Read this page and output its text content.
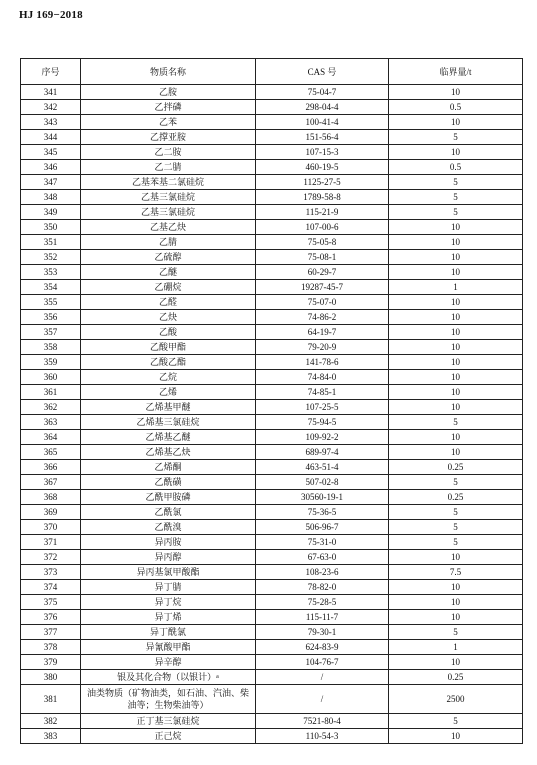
HJ 169−2018
序号	物质名称	CAS 号	临界量/t
341	乙胺	75-04-7	10
342	乙拌磷	298-04-4	0.5
343	乙苯	100-41-4	10
344	乙撑亚胺	151-56-4	5
345	乙二胺	107-15-3	10
346	乙二腈	460-19-5	0.5
347	乙基苯基二氯硅烷	1125-27-5	5
348	乙基三氯硅烷	1789-58-8	5
349	乙基三氯硅烷	115-21-9	5
350	乙基乙炔	107-00-6	10
351	乙腈	75-05-8	10
352	乙硫醇	75-08-1	10
353	乙醚	60-29-7	10
354	乙硼烷	19287-45-7	1
355	乙醛	75-07-0	10
356	乙炔	74-86-2	10
357	乙酸	64-19-7	10
358	乙酸甲酯	79-20-9	10
359	乙酸乙酯	141-78-6	10
360	乙烷	74-84-0	10
361	乙烯	74-85-1	10
362	乙烯基甲醚	107-25-5	10
363	乙烯基三氯硅烷	75-94-5	5
364	乙烯基乙醚	109-92-2	10
365	乙烯基乙炔	689-97-4	10
366	乙烯酮	463-51-4	0.25
367	乙酰磺	507-02-8	5
368	乙酰甲胺磷	30560-19-1	0.25
369	乙酰氯	75-36-5	5
370	乙酰溴	506-96-7	5
371	异丙胺	75-31-0	5
372	异丙醇	67-63-0	10
373	异丙基氯甲酸酯	108-23-6	7.5
374	异丁腈	78-82-0	10
375	异丁烷	75-28-5	10
376	异丁烯	115-11-7	10
377	异丁酰氯	79-30-1	5
378	异氰酸甲酯	624-83-9	1
379	异辛醇	104-76-7	10
380	银及其化合物（以银计）$^a$	/	0.25
381	油类物质（矿物油类，如石油、汽油、柴油等；生物柴油等）	/	2500
382	正丁基三氯硅烷	7521-80-4	5
383	正己烷	110-54-3	10
